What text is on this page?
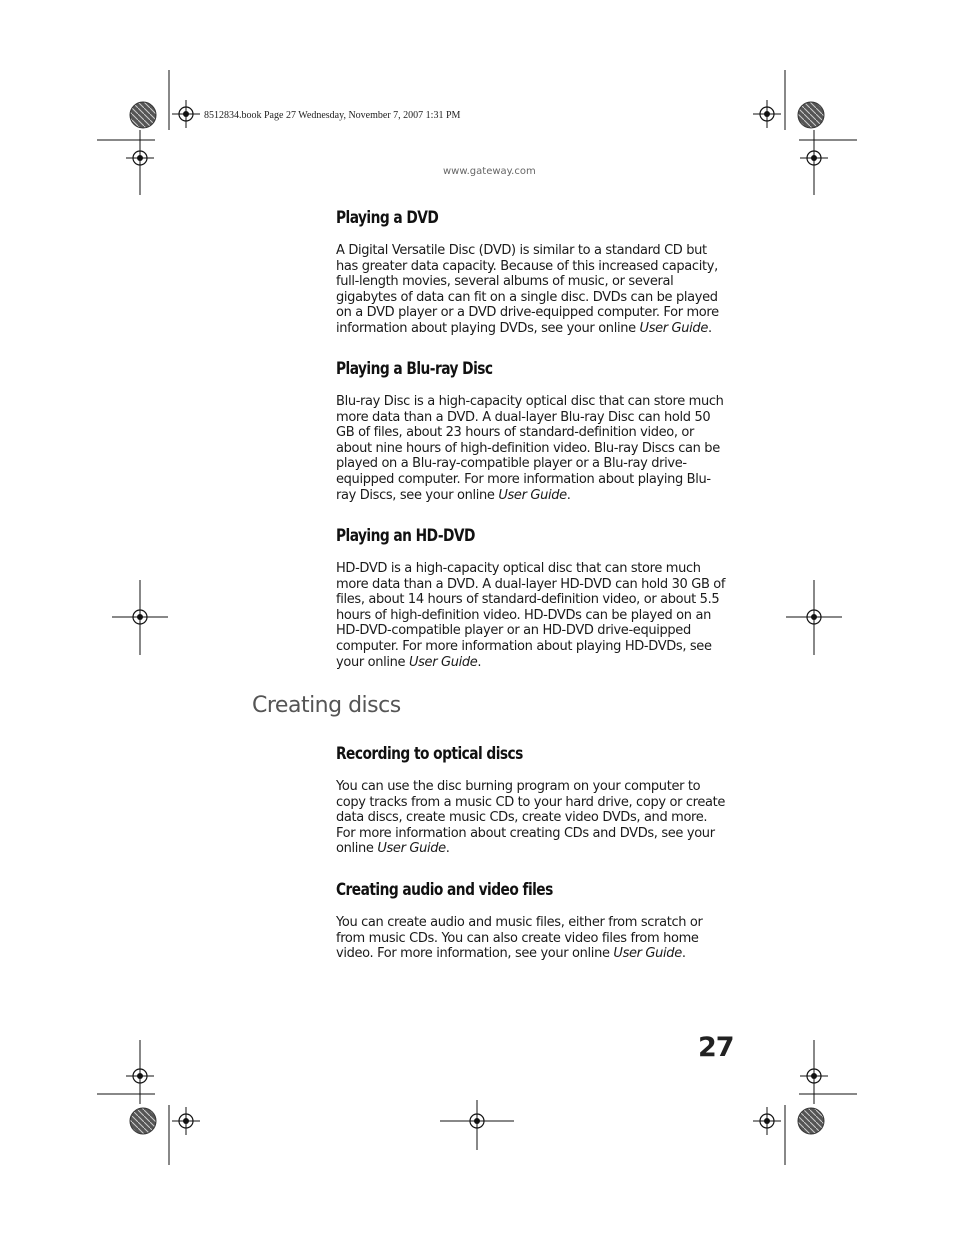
8512834.book Page 27 Wednesday, November 7, 2007 1:31 PM
www.gateway.com
Playing a DVD

A Digital Versatile Disc (DVD) is similar to a standard CD but has greater data capacity. Because of this increased capacity, full-length movies, several albums of music, or several gigabytes of data can fit on a single disc. DVDs can be played on a DVD player or a DVD drive-equipped computer. For more information about playing DVDs, see your online User Guide.

Playing a Blu-ray Disc

Blu-ray Disc is a high-capacity optical disc that can store much more data than a DVD. A dual-layer Blu-ray Disc can hold 50 GB of files, about 23 hours of standard-definition video, or about nine hours of high-definition video. Blu-ray Discs can be played on a Blu-ray-compatible player or a Blu-ray drive-equipped computer. For more information about playing Blu-ray Discs, see your online User Guide.

Playing an HD-DVD

HD-DVD is a high-capacity optical disc that can store much more data than a DVD. A dual-layer HD-DVD can hold 30 GB of files, about 14 hours of standard-definition video, or about 5.5 hours of high-definition video. HD-DVDs can be played on an HD-DVD-compatible player or an HD-DVD drive-equipped computer. For more information about playing HD-DVDs, see your online User Guide.

Creating discs
Recording to optical discs

You can use the disc burning program on your computer to copy tracks from a music CD to your hard drive, copy or create data discs, create music CDs, create video DVDs, and more. For more information about creating CDs and DVDs, see your online User Guide.

Creating audio and video files

You can create audio and music files, either from scratch or from music CDs. You can also create video files from home video. For more information, see your online User Guide.

27
